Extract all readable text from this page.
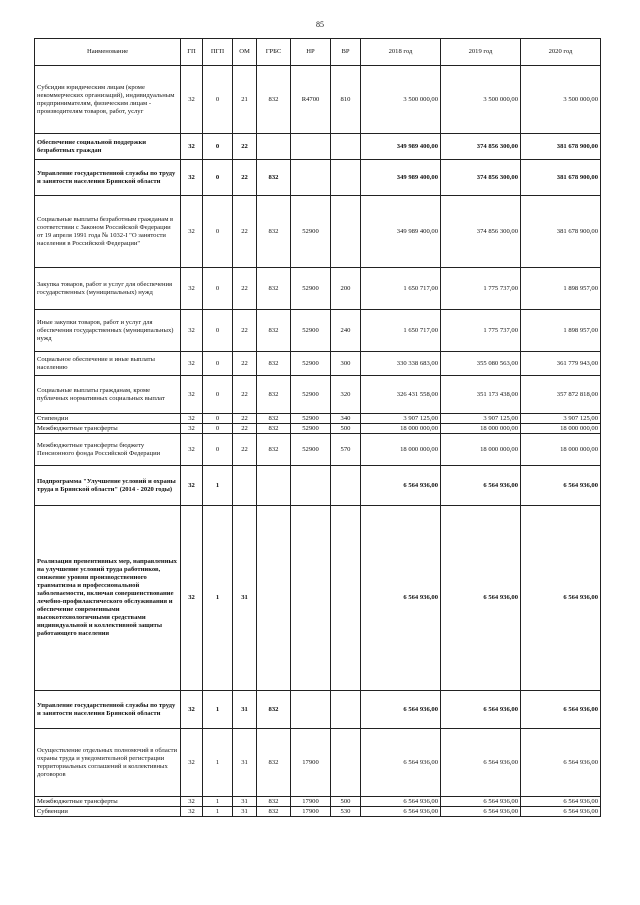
85
Наименование	ГП	ПГП	ОМ	ГРБС	НР	ВР	2018 год	2019 год	2020 год
Субсидии юридическим лицам (кроме некоммерческих организаций), индивидуальным предпринимателям, физическим лицам - производителям товаров, работ, услуг	32	0	21	832	R4700	810	3 500 000,00	3 500 000,00	3 500 000,00
Обеспечение социальной поддержки безработных граждан	32	0	22				349 989 400,00	374 856 300,00	381 678 900,00
Управление государственной службы по труду и занятости населения Брянской области	32	0	22	832			349 989 400,00	374 856 300,00	381 678 900,00
Социальные выплаты безработным гражданам в соответствии с Законом Российской Федерации от 19 апреля 1991 года № 1032-I "О занятости населения в Российской Федерации"	32	0	22	832	52900		349 989 400,00	374 856 300,00	381 678 900,00
Закупка товаров, работ и услуг для обеспечения государственных (муниципальных) нужд	32	0	22	832	52900	200	1 650 717,00	1 775 737,00	1 898 957,00
Иные закупки товаров, работ и услуг для обеспечения государственных (муниципальных) нужд	32	0	22	832	52900	240	1 650 717,00	1 775 737,00	1 898 957,00
Социальное обеспечение и иные выплаты населению	32	0	22	832	52900	300	330 338 683,00	355 080 563,00	361 779 943,00
Социальные выплаты гражданам, кроме публичных нормативных социальных выплат	32	0	22	832	52900	320	326 431 558,00	351 173 438,00	357 872 818,00
Стипендии	32	0	22	832	52900	340	3 907 125,00	3 907 125,00	3 907 125,00
Межбюджетные трансферты	32	0	22	832	52900	500	18 000 000,00	18 000 000,00	18 000 000,00
Межбюджетные трансферты бюджету Пенсионного фонда Российской Федерации	32	0	22	832	52900	570	18 000 000,00	18 000 000,00	18 000 000,00
Подпрограмма "Улучшение условий и охраны труда в Брянской области" (2014 - 2020 годы)	32	1					6 564 936,00	6 564 936,00	6 564 936,00
Реализация превентивных мер, направленных на улучшение условий труда работников, снижение уровня производственного травматизма и профессиональной заболеваемости, включая совершенствование лечебно-профилактического обслуживания и обеспечение современными высокотехнологичными средствами индивидуальной и коллективной защиты работающего населения	32	1	31				6 564 936,00	6 564 936,00	6 564 936,00
Управление государственной службы по труду и занятости населения Брянской области	32	1	31	832			6 564 936,00	6 564 936,00	6 564 936,00
Осуществление отдельных полномочий в области охраны труда и уведомительной регистрации территориальных соглашений и коллективных договоров	32	1	31	832	17900		6 564 936,00	6 564 936,00	6 564 936,00
Межбюджетные трансферты	32	1	31	832	17900	500	6 564 936,00	6 564 936,00	6 564 936,00
Субвенции	32	1	31	832	17900	530	6 564 936,00	6 564 936,00	6 564 936,00
